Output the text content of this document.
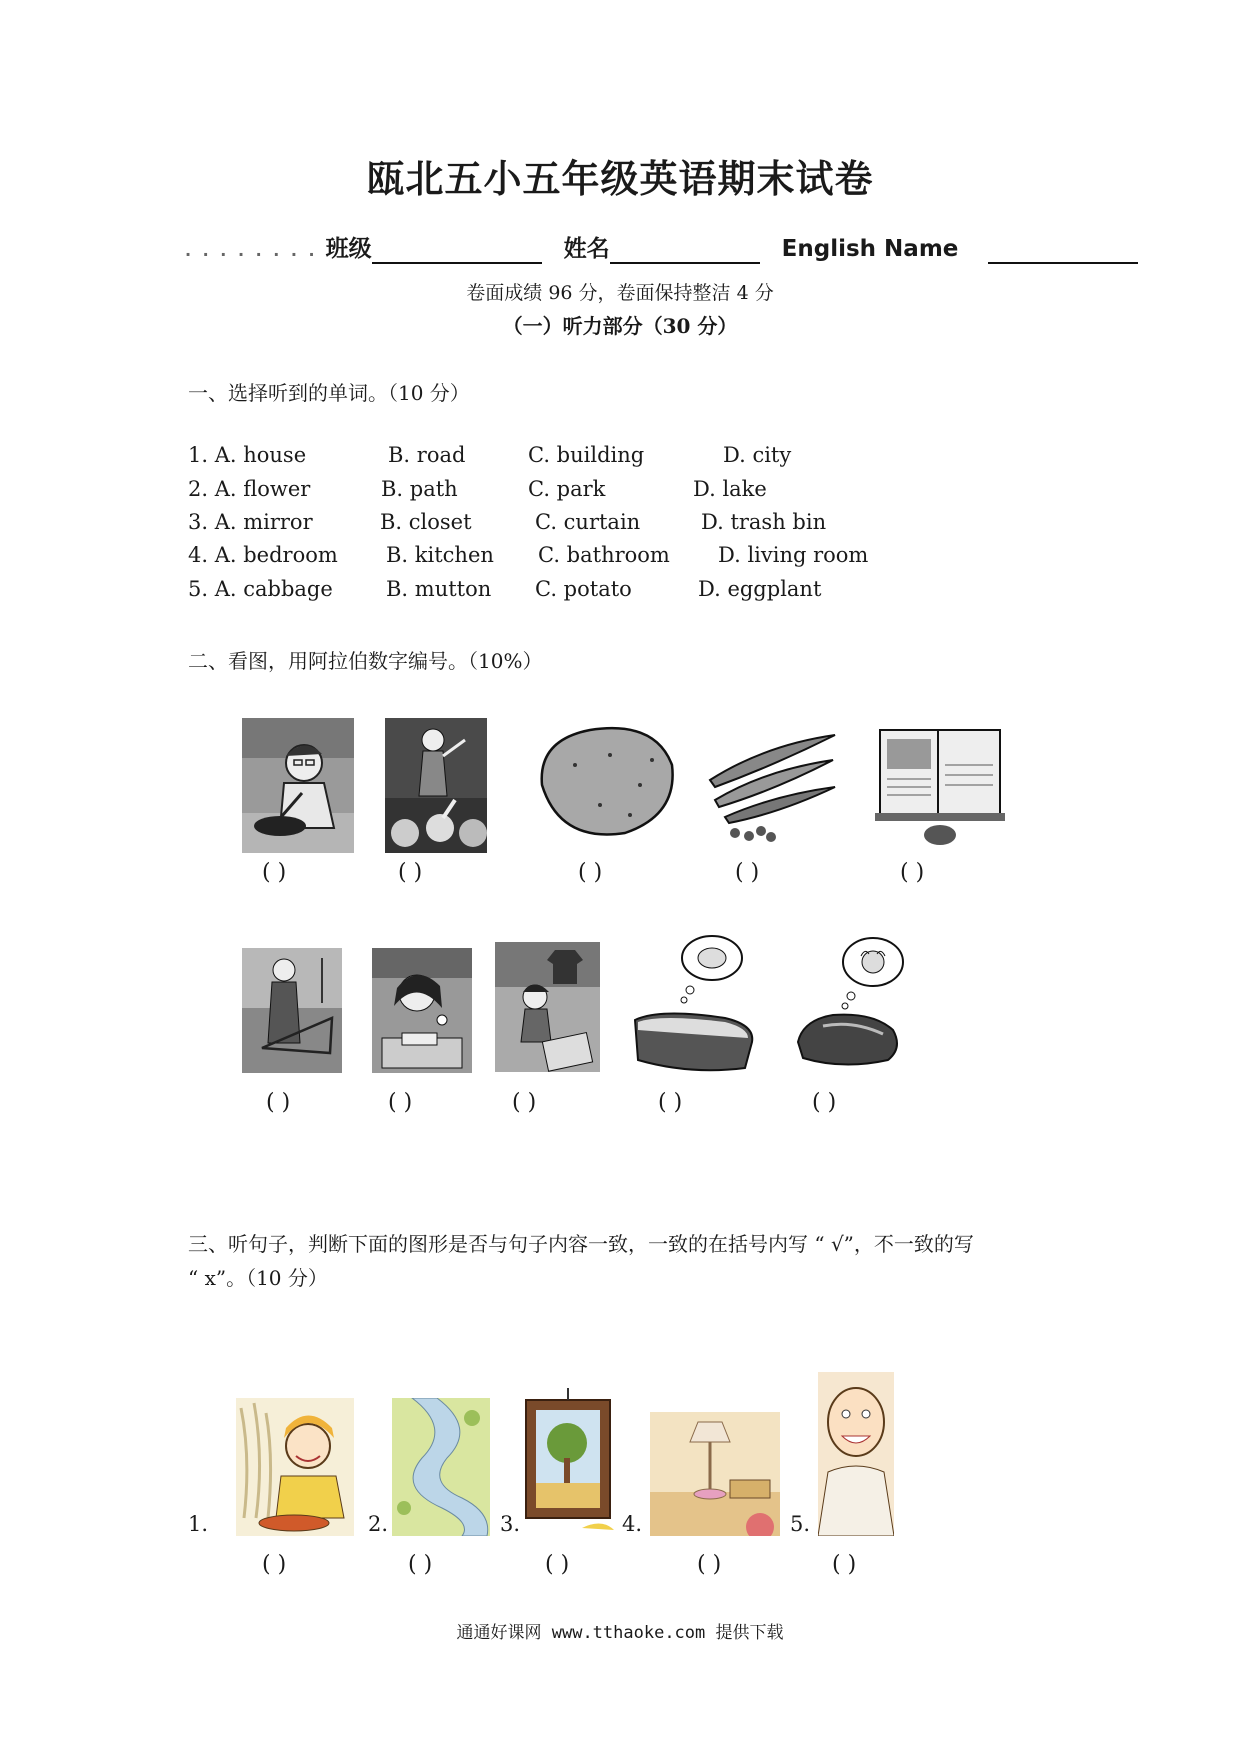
瓯北五小五年级英语期末试卷
. . . . . . . . 班级	姓名	English Name
卷面成绩 96 分，卷面保持整洁 4 分
（一）听力部分（30 分）
一、选择听到的单词。（10 分）
1. A. house	B. road	C. building	D. city
2. A. flower	B. path	C. park	D. lake
3. A. mirror	B. closet	C. curtain	D. trash bin
4. A. bedroom B. kitchen C. bathroom D. living room
5. A. cabbage	B. mutton C. potato	D. eggplant
二、看图，用阿拉伯数字编号。（10%）
( )	( )	( )	( )	( )
( )	( )	( )	( )	( )
三、听句子，判断下面的图形是否与句子内容一致，一致的在括号内写 “ √”，不一致的写
“ x”。（10 分）
1.	2.	3.	4.	5.
( )	( )	( )	( )	( )
通通好课网 www.tthaoke.com 提供下载
